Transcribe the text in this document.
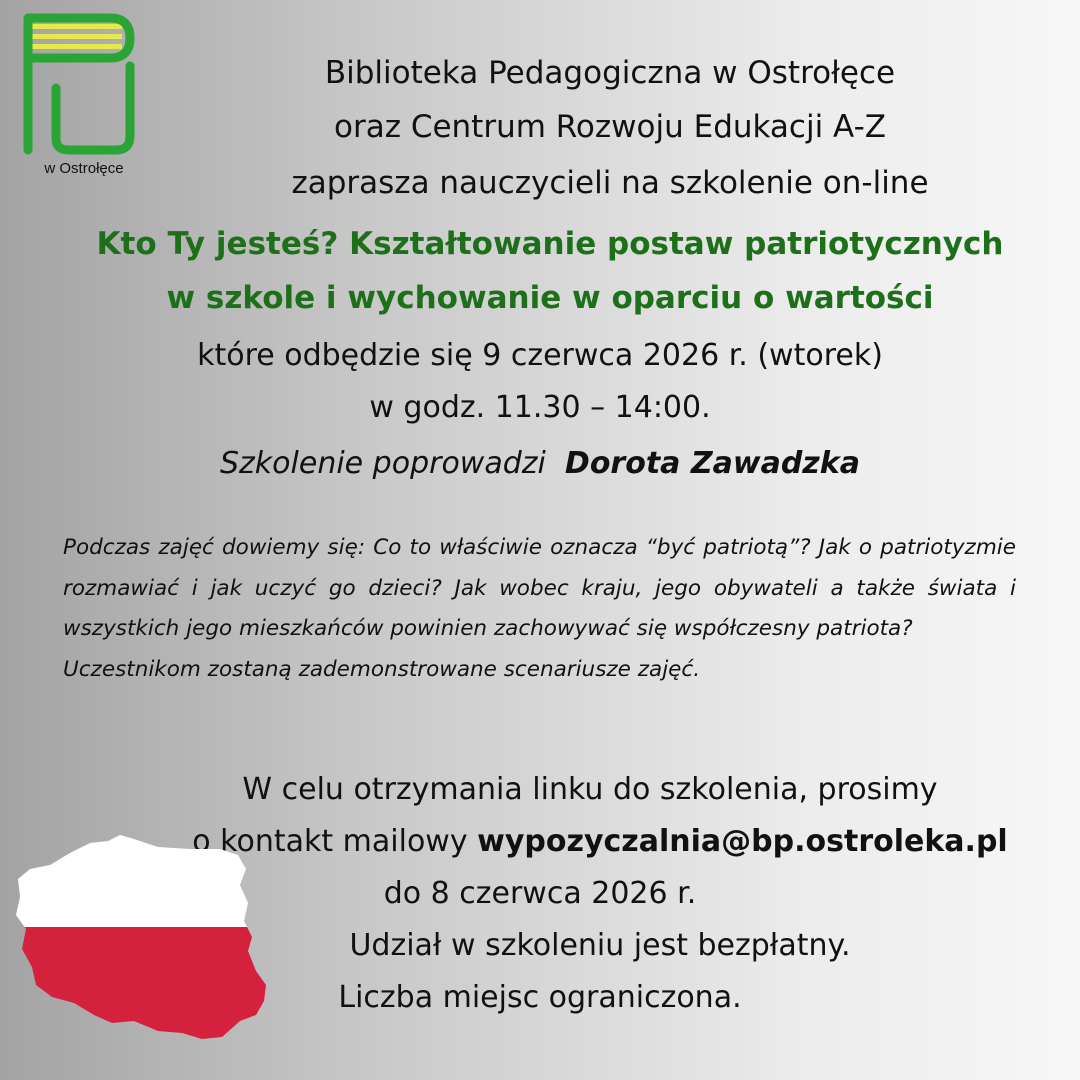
w Ostrołęce
Biblioteka Pedagogiczna w Ostrołęce
oraz Centrum Rozwoju Edukacji A-Z
zaprasza nauczycieli na szkolenie on-line
Kto Ty jesteś? Kształtowanie postaw patriotycznych
w szkole i wychowanie w oparciu o wartości
które odbędzie się 9 czerwca 2026 r. (wtorek)
w godz. 11.30 – 14:00.
Szkolenie poprowadzi Dorota Zawadzka

Podczas zajęć dowiemy się: Co to właściwie oznacza “być patriotą”? Jak o patriotyzmie rozmawiać i jak uczyć go dzieci? Jak wobec kraju, jego obywateli a także świata i wszystkich jego mieszkańców powinien zachowywać się współczesny patriota?

Uczestnikom zostaną zademonstrowane scenariusze zajęć.

W celu otrzymania linku do szkolenia, prosimy
o kontakt mailowy wypozyczalnia@bp.ostroleka.pl
do 8 czerwca 2026 r.
Udział w szkoleniu jest bezpłatny.
Liczba miejsc ograniczona.
